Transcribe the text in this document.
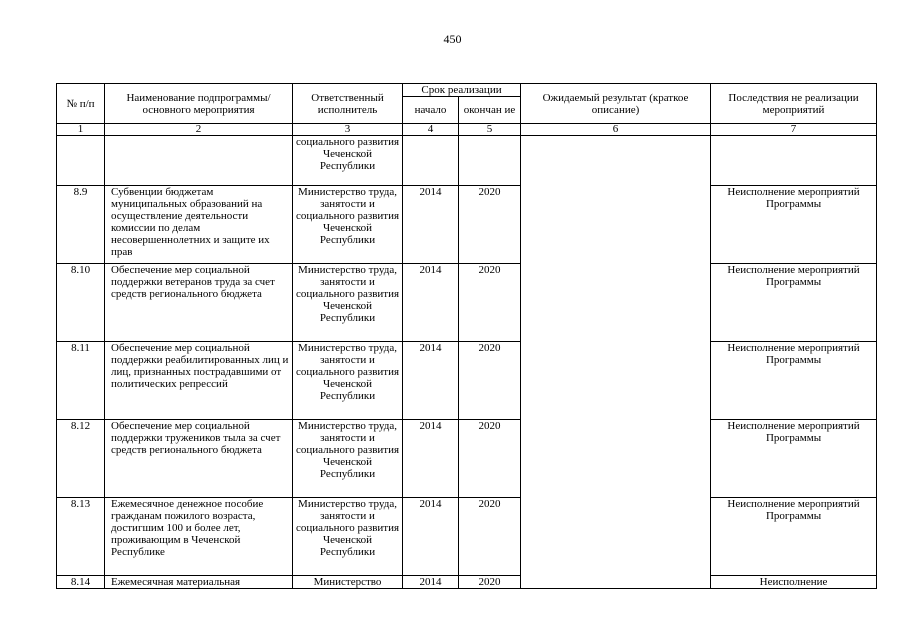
450
№ п/п	Наименование подпрограммы/ основного мероприятия	Ответственный исполнитель	Срок реализации		Ожидаемый результат (краткое описание)	Последствия не реализации мероприятий
			начало	окончан ие		
1	2	3	4	5	6	7
		социального развития Чеченской Республики				
8.9	Субвенции бюджетам муниципальных образований на осуществление деятельности комиссии по делам несовершеннолетних и защите их прав	Министерство труда, занятости и социального развития Чеченской Республики	2014	2020		Неисполнение мероприятий Программы
8.10	Обеспечение мер социальной поддержки ветеранов труда за счет средств регионального бюджета	Министерство труда, занятости и социального развития Чеченской Республики	2014	2020		Неисполнение мероприятий Программы
8.11	Обеспечение мер социальной поддержки реабилитированных лиц и лиц, признанных пострадавшими от политических репрессий	Министерство труда, занятости и социального развития Чеченской Республики	2014	2020		Неисполнение мероприятий Программы
8.12	Обеспечение мер социальной поддержки тружеников тыла за счет средств регионального бюджета	Министерство труда, занятости и социального развития Чеченской Республики	2014	2020		Неисполнение мероприятий Программы
8.13	Ежемесячное денежное пособие гражданам пожилого возраста, достигшим 100 и более лет, проживающим в Чеченской Республике	Министерство труда, занятости и социального развития Чеченской Республики	2014	2020		Неисполнение мероприятий Программы
8.14	Ежемесячная материальная	Министерство	2014	2020		Неисполнение
